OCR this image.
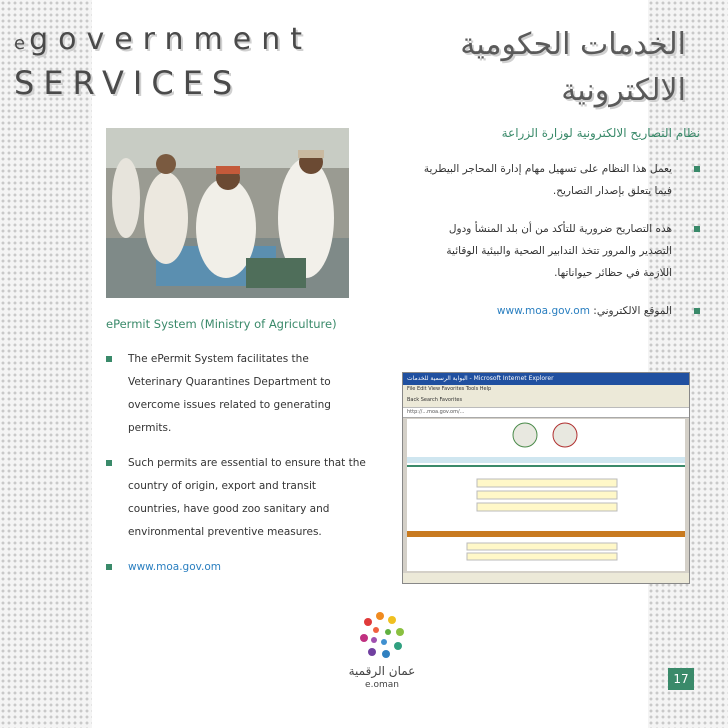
egovernment
SERVICES
الخدمات الحكومية
الالكترونية
ePermit System (Ministry of Agriculture)
The ePermit System facilitates the Veterinary Quarantines Department to overcome issues related to generating permits.
Such permits are essential to ensure that the country of origin, export and transit countries, have good zoo sanitary and environmental preventive measures.
www.moa.gov.om
نظام التصاريح الالكترونية لوزارة الزراعة
يعمل هذا النظام على تسهيل مهام إدارة المحاجر البيطرية فيما يتعلق بإصدار التصاريح.
هذه التصاريح ضرورية للتأكد من أن بلد المنشأ ودول التصدير والمرور تتخذ التدابير الصحية والبيئية الوقائية اللازمة في حظائر حيواناتها.
الموقع الالكتروني: www.moa.gov.om
البوابة الرسمية للخدمات - Microsoft Internet Explorer
File Edit View Favorites Tools Help
Back Search Favorites
http://...moa.gov.om/...
عمان الرقمية
e.oman	17
